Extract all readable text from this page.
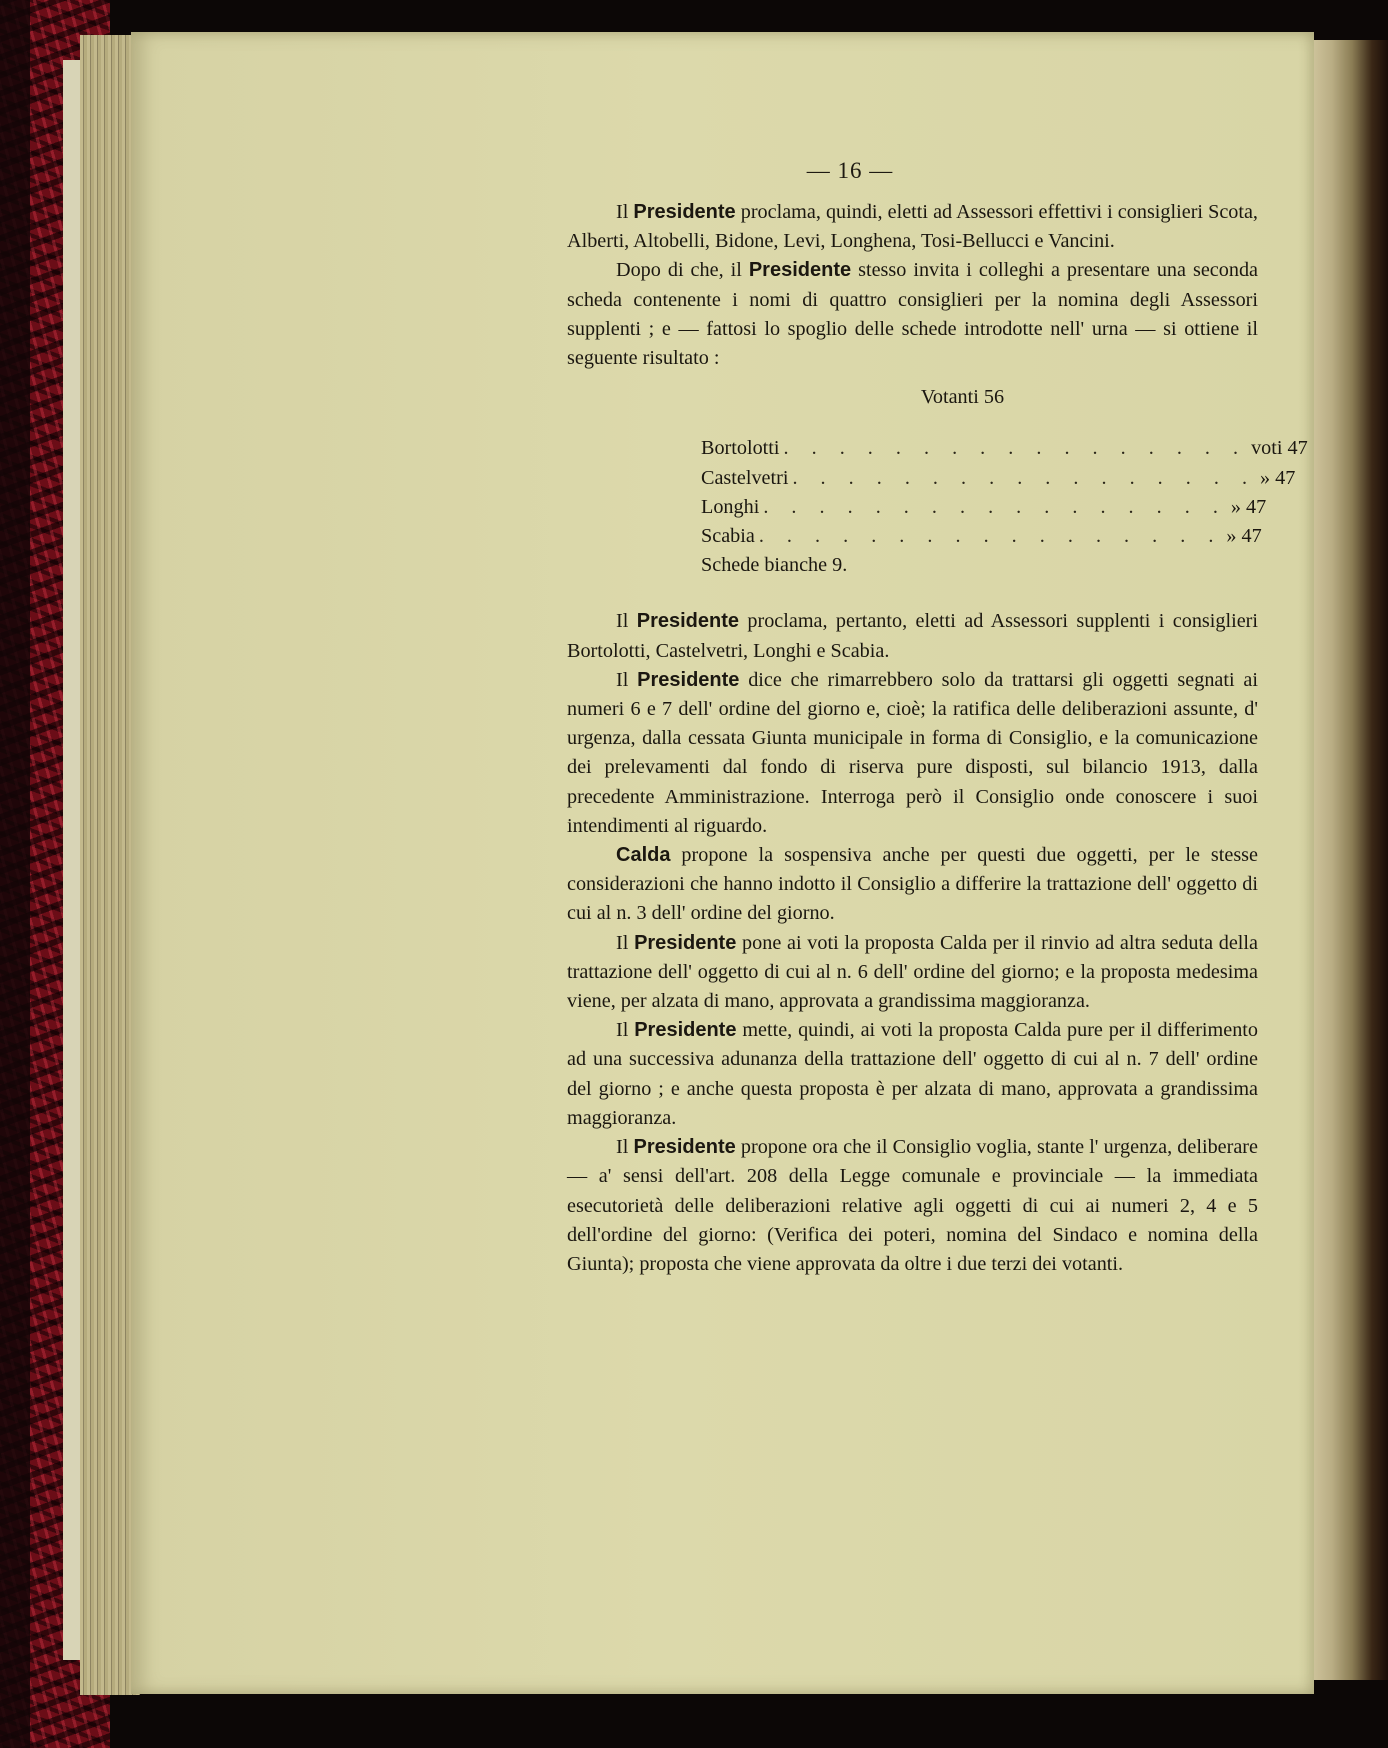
— 16 —

Il Presidente proclama, quindi, eletti ad Assessori effettivi i consiglieri Scota, Alberti, Altobelli, Bidone, Levi, Longhena, Tosi-Bellucci e Vancini.

Dopo di che, il Presidente stesso invita i colleghi a presentare una seconda scheda contenente i nomi di quattro consiglieri per la nomina degli Assessori supplenti ; e — fattosi lo spoglio delle schede introdotte nell' urna — si ottiene il seguente risultato :

Votanti 56

Bortolotti . . . . . . . . . . . . . . . . . voti 47
Castelvetri . . . . . . . . . . . . . . . . . » 47
Longhi . . . . . . . . . . . . . . . . . » 47
Scabia . . . . . . . . . . . . . . . . . » 47

Schede bianche 9.

Il Presidente proclama, pertanto, eletti ad Assessori supplenti i consiglieri Bortolotti, Castelvetri, Longhi e Scabia.

Il Presidente dice che rimarrebbero solo da trattarsi gli oggetti segnati ai numeri 6 e 7 dell' ordine del giorno e, cioè; la ratifica delle deliberazioni assunte, d' urgenza, dalla cessata Giunta municipale in forma di Consiglio, e la comunicazione dei prelevamenti dal fondo di riserva pure disposti, sul bilancio 1913, dalla precedente Amministrazione. Interroga però il Consiglio onde conoscere i suoi intendimenti al riguardo.

Calda propone la sospensiva anche per questi due oggetti, per le stesse considerazioni che hanno indotto il Consiglio a differire la trattazione dell' oggetto di cui al n. 3 dell' ordine del giorno.

Il Presidente pone ai voti la proposta Calda per il rinvio ad altra seduta della trattazione dell' oggetto di cui al n. 6 dell' ordine del giorno; e la proposta medesima viene, per alzata di mano, approvata a grandissima maggioranza.

Il Presidente mette, quindi, ai voti la proposta Calda pure per il differimento ad una successiva adunanza della trattazione dell' oggetto di cui al n. 7 dell' ordine del giorno ; e anche questa proposta è per alzata di mano, approvata a grandissima maggioranza.

Il Presidente propone ora che il Consiglio voglia, stante l' urgenza, deliberare — a' sensi dell'art. 208 della Legge comunale e provinciale — la immediata esecutorietà delle deliberazioni relative agli oggetti di cui ai numeri 2, 4 e 5 dell'ordine del giorno: (Verifica dei poteri, nomina del Sindaco e nomina della Giunta); proposta che viene approvata da oltre i due terzi dei votanti.
